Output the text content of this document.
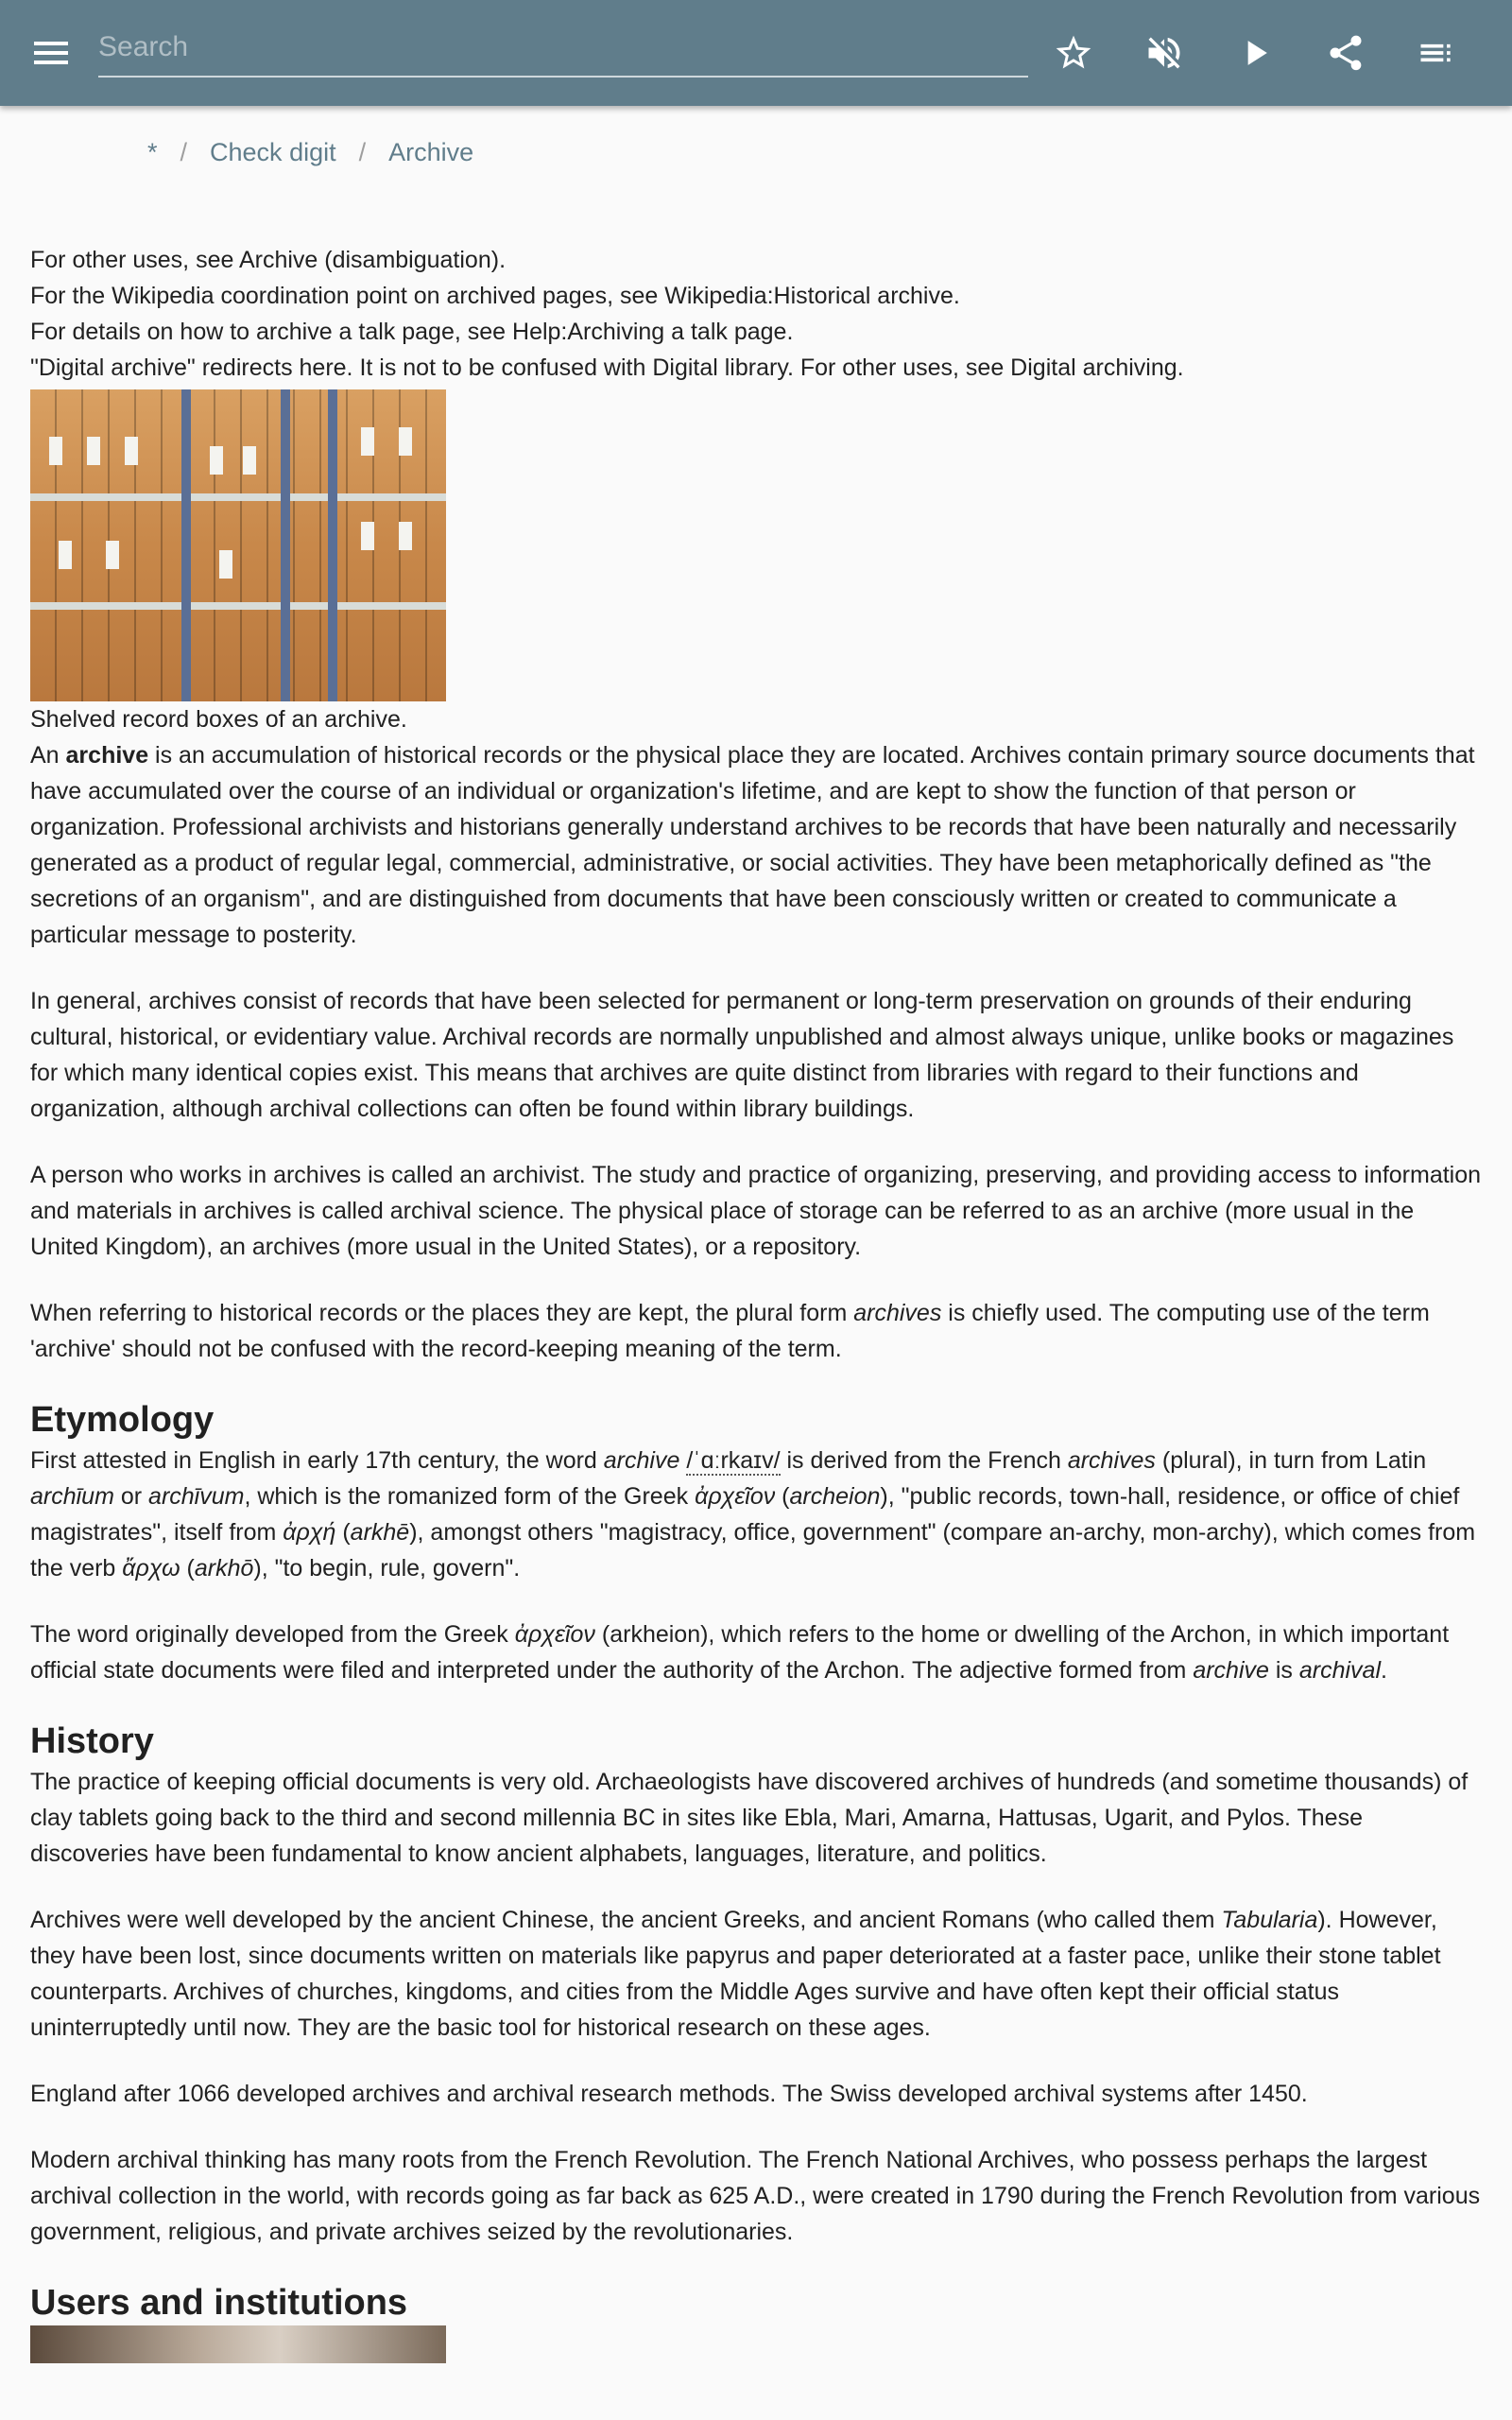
Search
* / Check digit / Archive
For other uses, see Archive (disambiguation).
For the Wikipedia coordination point on archived pages, see Wikipedia:Historical archive.
For details on how to archive a talk page, see Help:Archiving a talk page.
"Digital archive" redirects here. It is not to be confused with Digital library. For other uses, see Digital archiving.
Shelved record boxes of an archive.

An archive is an accumulation of historical records or the physical place they are located. Archives contain primary source documents that have accumulated over the course of an individual or organization's lifetime, and are kept to show the function of that person or organization. Professional archivists and historians generally understand archives to be records that have been naturally and necessarily generated as a product of regular legal, commercial, administrative, or social activities. They have been metaphorically defined as "the secretions of an organism", and are distinguished from documents that have been consciously written or created to communicate a particular message to posterity.

In general, archives consist of records that have been selected for permanent or long-term preservation on grounds of their enduring cultural, historical, or evidentiary value. Archival records are normally unpublished and almost always unique, unlike books or magazines for which many identical copies exist. This means that archives are quite distinct from libraries with regard to their functions and organization, although archival collections can often be found within library buildings.

A person who works in archives is called an archivist. The study and practice of organizing, preserving, and providing access to information and materials in archives is called archival science. The physical place of storage can be referred to as an archive (more usual in the United Kingdom), an archives (more usual in the United States), or a repository.

When referring to historical records or the places they are kept, the plural form archives is chiefly used. The computing use of the term 'archive' should not be confused with the record-keeping meaning of the term.

Etymology

First attested in English in early 17th century, the word archive /ˈɑːrkaɪv/ is derived from the French archives (plural), in turn from Latin archīum or archīvum, which is the romanized form of the Greek ἀρχεῖον (archeion), "public records, town-hall, residence, or office of chief magistrates", itself from ἀρχή (arkhē), amongst others "magistracy, office, government" (compare an-archy, mon-archy), which comes from the verb ἄρχω (arkhō), "to begin, rule, govern".

The word originally developed from the Greek ἀρχεῖον (arkheion), which refers to the home or dwelling of the Archon, in which important official state documents were filed and interpreted under the authority of the Archon. The adjective formed from archive is archival.

History

The practice of keeping official documents is very old. Archaeologists have discovered archives of hundreds (and sometime thousands) of clay tablets going back to the third and second millennia BC in sites like Ebla, Mari, Amarna, Hattusas, Ugarit, and Pylos. These discoveries have been fundamental to know ancient alphabets, languages, literature, and politics.

Archives were well developed by the ancient Chinese, the ancient Greeks, and ancient Romans (who called them Tabularia). However, they have been lost, since documents written on materials like papyrus and paper deteriorated at a faster pace, unlike their stone tablet counterparts. Archives of churches, kingdoms, and cities from the Middle Ages survive and have often kept their official status uninterruptedly until now. They are the basic tool for historical research on these ages.

England after 1066 developed archives and archival research methods. The Swiss developed archival systems after 1450.

Modern archival thinking has many roots from the French Revolution. The French National Archives, who possess perhaps the largest archival collection in the world, with records going as far back as 625 A.D., were created in 1790 during the French Revolution from various government, religious, and private archives seized by the revolutionaries.

Users and institutions
